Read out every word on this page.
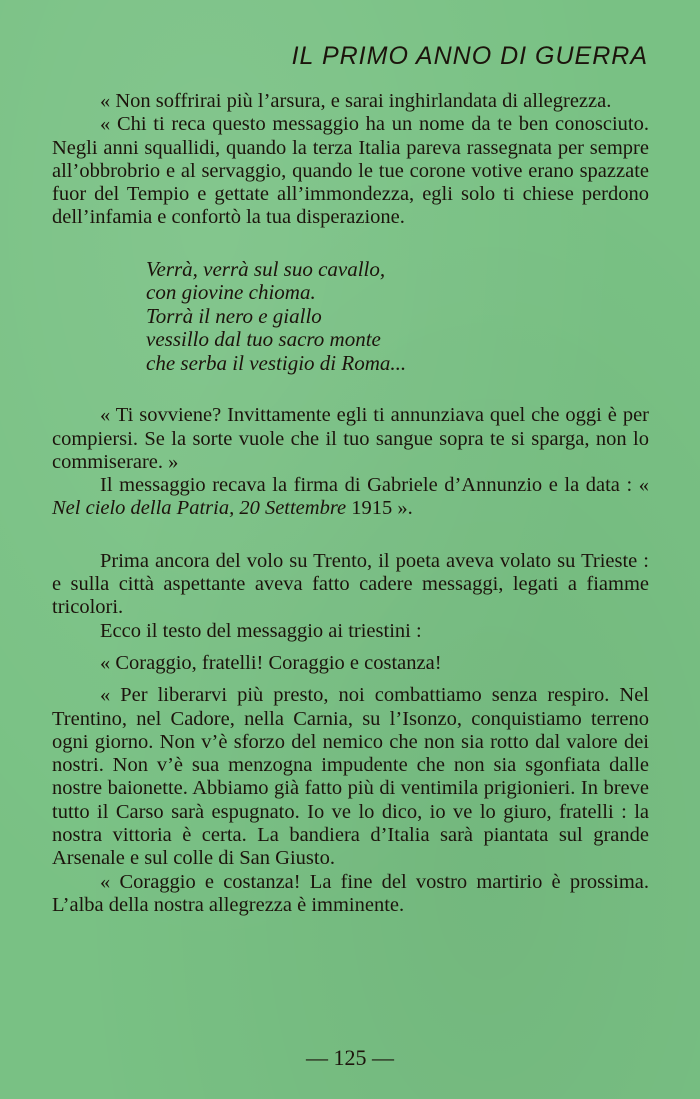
IL PRIMO ANNO DI GUERRA

« Non soffrirai più l’arsura, e sarai inghirlandata di allegrezza.

« Chi ti reca questo messaggio ha un nome da te ben conosciuto. Negli anni squallidi, quando la terza Italia pareva rassegnata per sempre all’obbrobrio e al servaggio, quando le tue corone votive erano spazzate fuor del Tempio e gettate all’immondezza, egli solo ti chiese perdono dell’infamia e confortò la tua disperazione.

Verrà, verrà sul suo cavallo,
con giovine chioma.
Torrà il nero e giallo
vessillo dal tuo sacro monte
che serba il vestigio di Roma...

« Ti sovviene? Invittamente egli ti annunziava quel che oggi è per compiersi. Se la sorte vuole che il tuo sangue sopra te si sparga, non lo commiserare. »

Il messaggio recava la firma di Gabriele d’Annunzio e la data : « Nel cielo della Patria, 20 Settembre 1915 ».

Prima ancora del volo su Trento, il poeta aveva volato su Trieste : e sulla città aspettante aveva fatto cadere messaggi, legati a fiamme tricolori.

Ecco il testo del messaggio ai triestini :

« Coraggio, fratelli! Coraggio e costanza!

« Per liberarvi più presto, noi combattiamo senza respiro. Nel Trentino, nel Cadore, nella Carnia, su l’Isonzo, conquistiamo terreno ogni giorno. Non v’è sforzo del nemico che non sia rotto dal valore dei nostri. Non v’è sua menzogna impudente che non sia sgonfiata dalle nostre baionette. Abbiamo già fatto più di ventimila prigionieri. In breve tutto il Carso sarà espugnato. Io ve lo dico, io ve lo giuro, fratelli : la nostra vittoria è certa. La bandiera d’Italia sarà piantata sul grande Arsenale e sul colle di San Giusto.

« Coraggio e costanza! La fine del vostro martirio è prossima. L’alba della nostra allegrezza è imminente.

— 125 —
